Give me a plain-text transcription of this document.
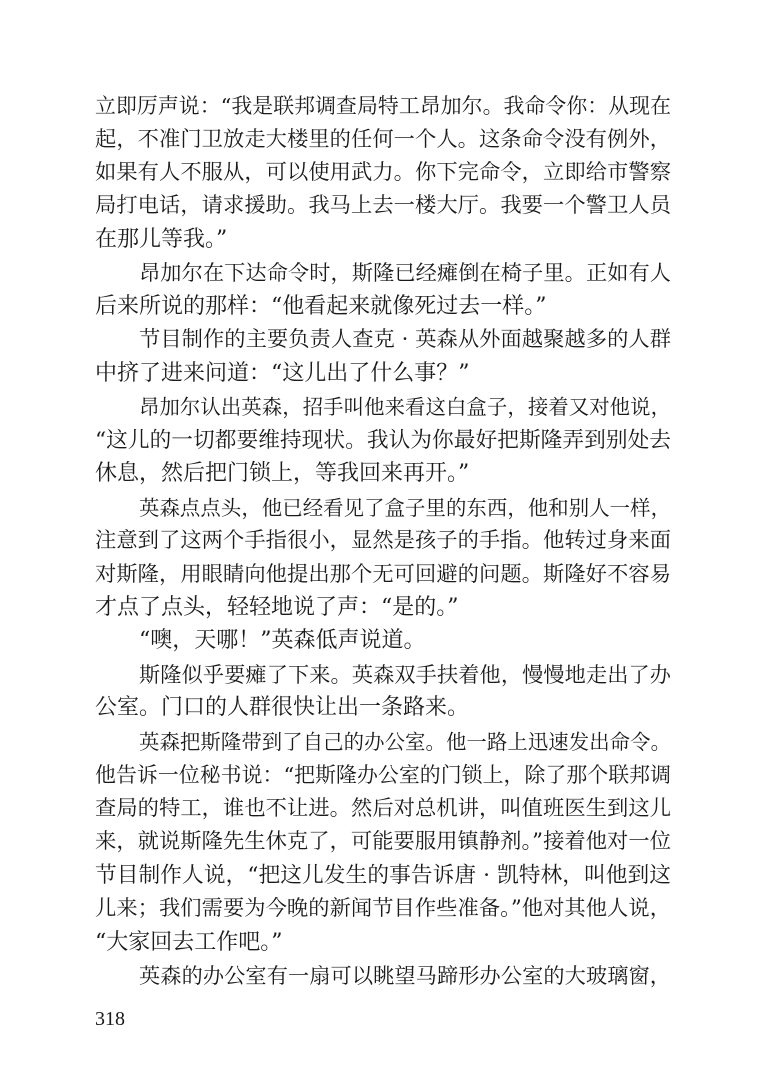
立即厉声说：“我是联邦调查局特工昂加尔。我命令你：从现在
起，不准门卫放走大楼里的任何一个人。这条命令没有例外，
如果有人不服从，可以使用武力。你下完命令，立即给市警察
局打电话，请求援助。我马上去一楼大厅。我要一个警卫人员
在那儿等我。”
昂加尔在下达命令时，斯隆已经瘫倒在椅子里。正如有人
后来所说的那样：“他看起来就像死过去一样。”
节目制作的主要负责人查克 · 英森从外面越聚越多的人群
中挤了进来问道：“这儿出了什么事？”
昂加尔认出英森，招手叫他来看这白盒子，接着又对他说，
“这儿的一切都要维持现状。我认为你最好把斯隆弄到别处去
休息，然后把门锁上，等我回来再开。”
英森点点头，他已经看见了盒子里的东西，他和别人一样，
注意到了这两个手指很小，显然是孩子的手指。他转过身来面
对斯隆，用眼睛向他提出那个无可回避的问题。斯隆好不容易
才点了点头，轻轻地说了声：“是的。”
“噢，天哪！”英森低声说道。
斯隆似乎要瘫了下来。英森双手扶着他，慢慢地走出了办
公室。门口的人群很快让出一条路来。
英森把斯隆带到了自己的办公室。他一路上迅速发出命令。
他告诉一位秘书说：“把斯隆办公室的门锁上，除了那个联邦调
查局的特工，谁也不让进。然后对总机讲，叫值班医生到这儿
来，就说斯隆先生休克了，可能要服用镇静剂。”接着他对一位
节目制作人说，“把这儿发生的事告诉唐 · 凯特林，叫他到这
儿来；我们需要为今晚的新闻节目作些准备。”他对其他人说，
“大家回去工作吧。”
英森的办公室有一扇可以眺望马蹄形办公室的大玻璃窗，
318
